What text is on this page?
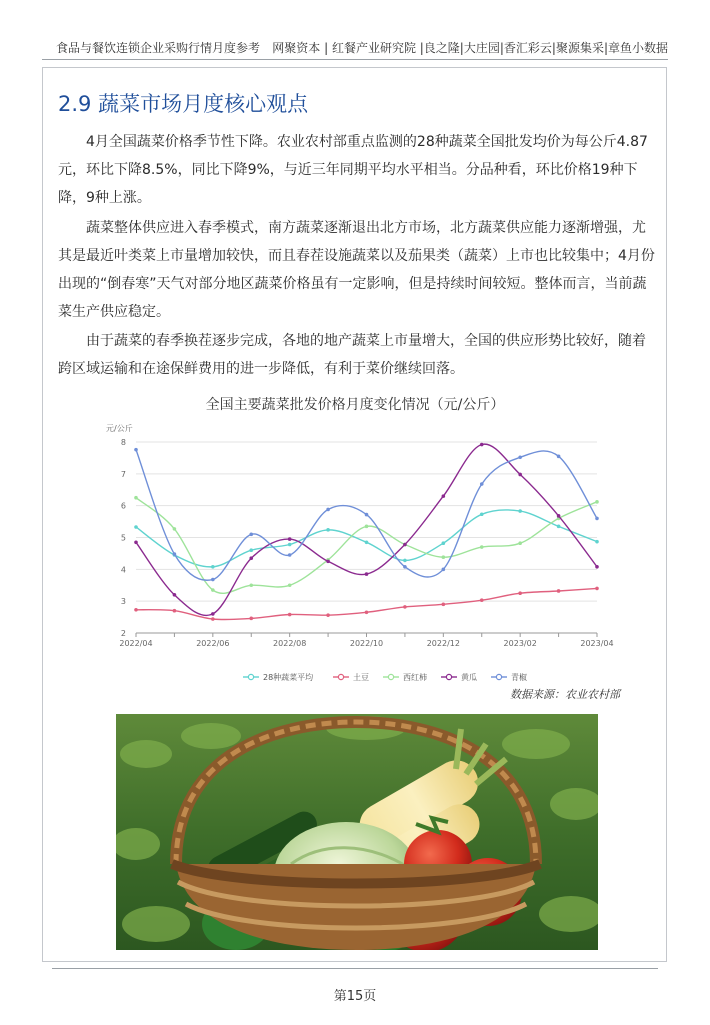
食品与餐饮连锁企业采购行情月度参考 网聚资本 | 红餐产业研究院 |良之隆|大庄园|香汇彩云|聚源集采|章鱼小数据
2.9 蔬菜市场月度核心观点

4月全国蔬菜价格季节性下降。农业农村部重点监测的28种蔬菜全国批发均价为每公斤4.87元，环比下降8.5%，同比下降9%，与近三年同期平均水平相当。分品种看，环比价格19种下降，9种上涨。

蔬菜整体供应进入春季模式，南方蔬菜逐渐退出北方市场，北方蔬菜供应能力逐渐增强，尤其是最近叶类菜上市量增加较快，而且春茬设施蔬菜以及茄果类（蔬菜）上市也比较集中；4月份出现的“倒春寒”天气对部分地区蔬菜价格虽有一定影响，但是持续时间较短。整体而言，当前蔬菜生产供应稳定。

由于蔬菜的春季换茬逐步完成，各地的地产蔬菜上市量增大，全国的供应形势比较好，随着跨区域运输和在途保鲜费用的进一步降低，有利于菜价继续回落。

全国主要蔬菜批发价格月度变化情况（元/公斤）
元/公斤
2
3
4
5
6
7
8
2022/04	2022/06	2022/08	2022/10	2022/12	2023/02	2023/04
28种蔬菜平均	土豆	西红柿	黄瓜	青椒
数据来源：农业农村部
第15页
